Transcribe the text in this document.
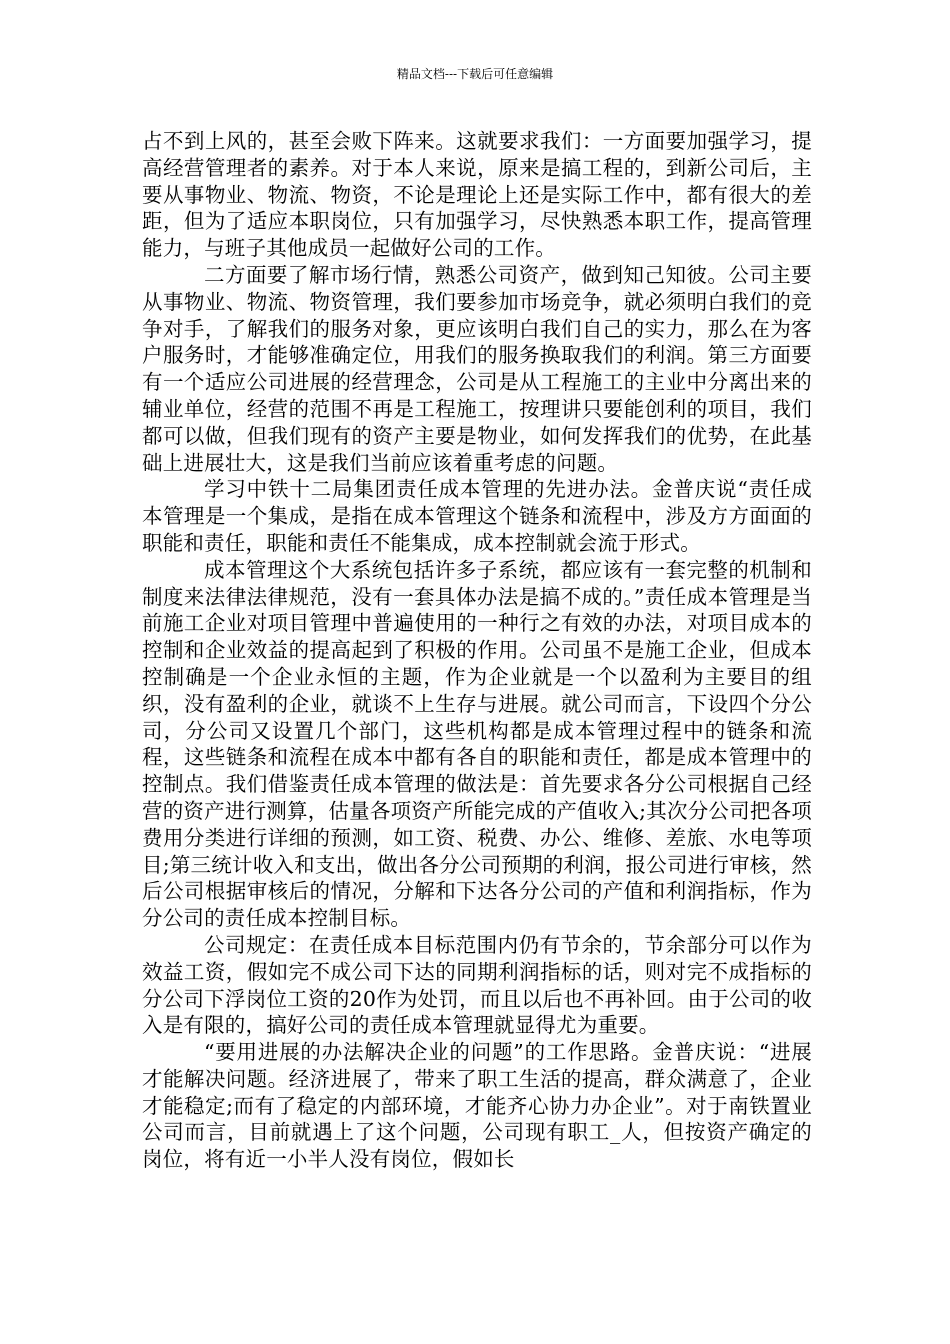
精品文档---下载后可任意编辑

占不到上风的，甚至会败下阵来。这就要求我们：一方面要加强学习，提高经营管理者的素养。对于本人来说，原来是搞工程的，到新公司后，主要从事物业、物流、物资，不论是理论上还是实际工作中，都有很大的差距，但为了适应本职岗位，只有加强学习，尽快熟悉本职工作，提高管理能力，与班子其他成员一起做好公司的工作。

二方面要了解市场行情，熟悉公司资产，做到知己知彼。公司主要从事物业、物流、物资管理，我们要参加市场竞争，就必须明白我们的竞争对手，了解我们的服务对象，更应该明白我们自己的实力，那么在为客户服务时，才能够准确定位，用我们的服务换取我们的利润。第三方面要有一个适应公司进展的经营理念，公司是从工程施工的主业中分离出来的辅业单位，经营的范围不再是工程施工，按理讲只要能创利的项目，我们都可以做，但我们现有的资产主要是物业，如何发挥我们的优势，在此基础上进展壮大，这是我们当前应该着重考虑的问题。

学习中铁十二局集团责任成本管理的先进办法。金普庆说“责任成本管理是一个集成，是指在成本管理这个链条和流程中，涉及方方面面的职能和责任，职能和责任不能集成，成本控制就会流于形式。

成本管理这个大系统包括许多子系统，都应该有一套完整的机制和制度来法律法律规范，没有一套具体办法是搞不成的。”责任成本管理是当前施工企业对项目管理中普遍使用的一种行之有效的办法，对项目成本的控制和企业效益的提高起到了积极的作用。公司虽不是施工企业，但成本控制确是一个企业永恒的主题，作为企业就是一个以盈利为主要目的组织，没有盈利的企业，就谈不上生存与进展。就公司而言，下设四个分公司，分公司又设置几个部门，这些机构都是成本管理过程中的链条和流程，这些链条和流程在成本中都有各自的职能和责任，都是成本管理中的控制点。我们借鉴责任成本管理的做法是：首先要求各分公司根据自己经营的资产进行测算，估量各项资产所能完成的产值收入;其次分公司把各项费用分类进行详细的预测，如工资、税费、办公、维修、差旅、水电等项目;第三统计收入和支出，做出各分公司预期的利润，报公司进行审核，然后公司根据审核后的情况，分解和下达各分公司的产值和利润指标，作为分公司的责任成本控制目标。

公司规定：在责任成本目标范围内仍有节余的，节余部分可以作为效益工资，假如完不成公司下达的同期利润指标的话，则对完不成指标的分公司下浮岗位工资的20作为处罚，而且以后也不再补回。由于公司的收入是有限的，搞好公司的责任成本管理就显得尤为重要。

“要用进展的办法解决企业的问题”的工作思路。金普庆说：“进展才能解决问题。经济进展了，带来了职工生活的提高，群众满意了，企业才能稳定;而有了稳定的内部环境，才能齐心协力办企业”。对于南铁置业公司而言，目前就遇上了这个问题，公司现有职工_人，但按资产确定的岗位，将有近一小半人没有岗位，假如长
